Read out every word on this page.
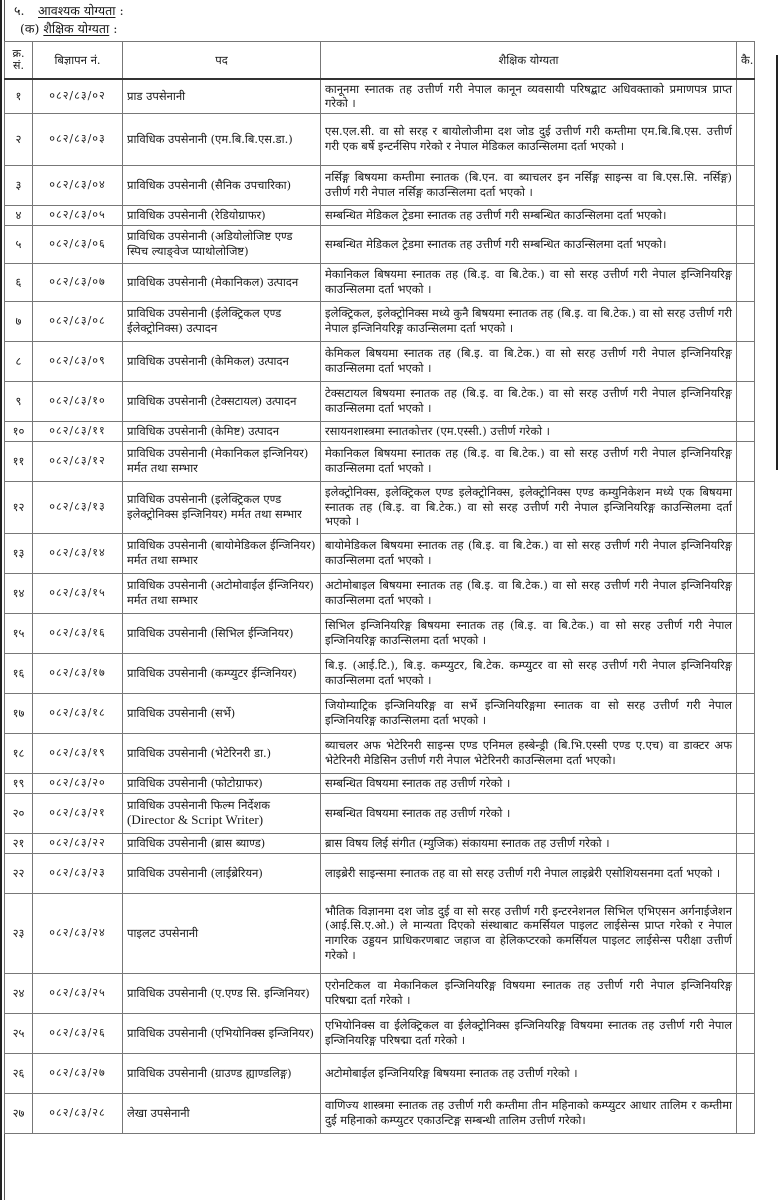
५. आवश्यक योग्यता :
(क) शैक्षिक योग्यता :
क्र. सं.	बिज्ञापन नं.	पद	शैक्षिक योग्यता	कै.
१	०८२/८३/०२	प्राड उपसेनानी	कानूनमा स्नातक तह उत्तीर्ण गरी नेपाल कानून व्यवसायी परिषद्बाट अधिवक्ताको प्रमाणपत्र प्राप्त गरेको ।	
२	०८२/८३/०३	प्राविधिक उपसेनानी (एम.बि.बि.एस.डा.)	एस.एल.सी. वा सो सरह र बायोलोजीमा दश जोड दुई उत्तीर्ण गरी कम्तीमा एम.बि.बि.एस. उत्तीर्ण गरी एक बर्षे इन्टर्नसिप गरेको र नेपाल मेडिकल काउन्सिलमा दर्ता भएको ।	
३	०८२/८३/०४	प्राविधिक उपसेनानी (सैनिक उपचारिका)	नर्सिङ्ग बिषयमा कम्तीमा स्नातक (बि.एन. वा ब्याचलर इन नर्सिङ्ग साइन्स वा बि.एस.सि. नर्सिङ्ग) उत्तीर्ण गरी नेपाल नर्सिङ्ग काउन्सिलमा दर्ता भएको ।	
४	०८२/८३/०५	प्राविधिक उपसेनानी (रेडियोग्राफर)	सम्बन्धित मेडिकल ट्रेडमा स्नातक तह उत्तीर्ण गरी सम्बन्धित काउन्सिलमा दर्ता भएको।	
५	०८२/८३/०६	प्राविधिक उपसेनानी (अडियोलोजिष्ट एण्ड स्पिच ल्याङ्वेज प्याथोलोजिष्ट)	सम्बन्धित मेडिकल ट्रेडमा स्नातक तह उत्तीर्ण गरी सम्बन्धित काउन्सिलमा दर्ता भएको।	
६	०८२/८३/०७	प्राविधिक उपसेनानी (मेकानिकल) उत्पादन	मेकानिकल बिषयमा स्नातक तह (बि.इ. वा बि.टेक.) वा सो सरह उत्तीर्ण गरी नेपाल इन्जिनियरिङ्ग काउन्सिलमा दर्ता भएको ।	
७	०८२/८३/०८	प्राविधिक उपसेनानी (ईलेक्ट्रिकल एण्ड ईलेक्ट्रोनिक्स) उत्पादन	इलेक्ट्रिकल, इलेक्ट्रोनिक्स मध्ये कुनै बिषयमा स्नातक तह (बि.इ. वा बि.टेक.) वा सो सरह उत्तीर्ण गरी नेपाल इन्जिनियरिङ्ग काउन्सिलमा दर्ता भएको ।	
८	०८२/८३/०९	प्राविधिक उपसेनानी (केमिकल) उत्पादन	केमिकल बिषयमा स्नातक तह (बि.इ. वा बि.टेक.) वा सो सरह उत्तीर्ण गरी नेपाल इन्जिनियरिङ्ग काउन्सिलमा दर्ता भएको ।	
९	०८२/८३/१०	प्राविधिक उपसेनानी (टेक्सटायल) उत्पादन	टेक्सटायल बिषयमा स्नातक तह (बि.इ. वा बि.टेक.) वा सो सरह उत्तीर्ण गरी नेपाल इन्जिनियरिङ्ग काउन्सिलमा दर्ता भएको ।	
१०	०८२/८३/११	प्राविधिक उपसेनानी (केमिष्ट) उत्पादन	रसायनशास्त्रमा स्नातकोत्तर (एम.एस्सी.) उत्तीर्ण गरेको ।	
११	०८२/८३/१२	प्राविधिक उपसेनानी (मेकानिकल इन्जिनियर) मर्मत तथा सम्भार	मेकानिकल बिषयमा स्नातक तह (बि.इ. वा बि.टेक.) वा सो सरह उत्तीर्ण गरी नेपाल इन्जिनियरिङ्ग काउन्सिलमा दर्ता भएको ।	
१२	०८२/८३/१३	प्राविधिक उपसेनानी (इलेक्ट्रिकल एण्ड इलेक्ट्रोनिक्स इन्जिनियर) मर्मत तथा सम्भार	इलेक्ट्रोनिक्स, इलेक्ट्रिकल एण्ड इलेक्ट्रोनिक्स, इलेक्ट्रोनिक्स एण्ड कम्युनिकेशन मध्ये एक बिषयमा स्नातक तह (बि.इ. वा बि.टेक.) वा सो सरह उत्तीर्ण गरी नेपाल इन्जिनियरिङ्ग काउन्सिलमा दर्ता भएको ।	
१३	०८२/८३/१४	प्राविधिक उपसेनानी (बायोमेडिकल ईन्जिनियर) मर्मत तथा सम्भार	बायोमेडिकल बिषयमा स्नातक तह (बि.इ. वा बि.टेक.) वा सो सरह उत्तीर्ण गरी नेपाल इन्जिनियरिङ्ग काउन्सिलमा दर्ता भएको ।	
१४	०८२/८३/१५	प्राविधिक उपसेनानी (अटोमोवाईल ईन्जिनियर) मर्मत तथा सम्भार	अटोमोबाइल बिषयमा स्नातक तह (बि.इ. वा बि.टेक.) वा सो सरह उत्तीर्ण गरी नेपाल इन्जिनियरिङ्ग काउन्सिलमा दर्ता भएको ।	
१५	०८२/८३/१६	प्राविधिक उपसेनानी (सिभिल ईन्जिनियर)	सिभिल इन्जिनियरिङ्ग बिषयमा स्नातक तह (बि.इ. वा बि.टेक.) वा सो सरह उत्तीर्ण गरी नेपाल इन्जिनियरिङ्ग काउन्सिलमा दर्ता भएको ।	
१६	०८२/८३/१७	प्राविधिक उपसेनानी (कम्प्युटर ईन्जिनियर)	बि.इ. (आई.टि.), बि.इ. कम्प्युटर, बि.टेक. कम्प्युटर वा सो सरह उत्तीर्ण गरी नेपाल इन्जिनियरिङ्ग काउन्सिलमा दर्ता भएको ।	
१७	०८२/८३/१८	प्राविधिक उपसेनानी (सर्भे)	जियोम्याट्रिक इन्जिनियरिङ्ग वा सर्भे इन्जिनियरिङ्गमा स्नातक वा सो सरह उत्तीर्ण गरी नेपाल इन्जिनियरिङ्ग काउन्सिलमा दर्ता भएको ।	
१८	०८२/८३/१९	प्राविधिक उपसेनानी (भेटेरिनरी डा.)	ब्याचलर अफ भेटेरिनरी साइन्स एण्ड एनिमल हस्बेन्ड्री (बि.भि.एस्सी एण्ड ए.एच) वा डाक्टर अफ भेटेरिनरी मेडिसिन उत्तीर्ण गरी नेपाल भेटेरिनरी काउन्सिलमा दर्ता भएको।	
१९	०८२/८३/२०	प्राविधिक उपसेनानी (फोटोग्राफर)	सम्बन्धित विषयमा स्नातक तह उत्तीर्ण गरेको ।	
२०	०८२/८३/२१	प्राविधिक उपसेनानी फिल्म निर्देशक
(Director & Script Writer)	सम्बन्धित विषयमा स्नातक तह उत्तीर्ण गरेको ।	
२१	०८२/८३/२२	प्राविधिक उपसेनानी (ब्रास ब्याण्ड)	ब्रास विषय लिई संगीत (म्युजिक) संकायमा स्नातक तह उत्तीर्ण गरेको ।	
२२	०८२/८३/२३	प्राविधिक उपसेनानी (लाईब्रेरियन)	लाइब्रेरी साइन्समा स्नातक तह वा सो सरह उत्तीर्ण गरी नेपाल लाइब्रेरी एसोशियसनमा दर्ता भएको ।	
२३	०८२/८३/२४	पाइलट उपसेनानी	भौतिक विज्ञानमा दश जोड दुई वा सो सरह उत्तीर्ण गरी इन्टरनेशनल सिभिल एभिएसन अर्गनाईजेशन (आई.सि.ए.ओ.) ले मान्यता दिएको संस्थाबाट कमर्सियल पाइलट लाईसेन्स प्राप्त गरेको र नेपाल नागरिक उड्डयन प्राधिकरणबाट जहाज वा हेलिकप्टरको कमर्सियल पाइलट लाईसेन्स परीक्षा उत्तीर्ण गरेको ।	
२४	०८२/८३/२५	प्राविधिक उपसेनानी (ए.एण्ड सि. इन्जिनियर)	एरोनटिकल वा मेकानिकल इन्जिनियरिङ्ग विषयमा स्नातक तह उत्तीर्ण गरी नेपाल इन्जिनियरिङ्ग परिषद्मा दर्ता गरेको ।	
२५	०८२/८३/२६	प्राविधिक उपसेनानी (एभियोनिक्स इन्जिनियर)	एभियोनिक्स वा ईलेक्ट्रिकल वा ईलेक्ट्रोनिक्स इन्जिनियरिङ्ग विषयमा स्नातक तह उत्तीर्ण गरी नेपाल इन्जिनियरिङ्ग परिषद्मा दर्ता गरेको ।	
२६	०८२/८३/२७	प्राविधिक उपसेनानी (ग्राउण्ड ह्याण्डलिङ्ग)	अटोमोबाईल इन्जिनियरिङ्ग बिषयमा स्नातक तह उत्तीर्ण गरेको ।	
२७	०८२/८३/२८	लेखा उपसेनानी	वाणिज्य शास्त्रमा स्नातक तह उत्तीर्ण गरी कम्तीमा तीन महिनाको कम्प्युटर आधार तालिम र कम्तीमा दुई महिनाको कम्प्युटर एकाउन्टिङ्ग सम्बन्धी तालिम उत्तीर्ण गरेको।	
